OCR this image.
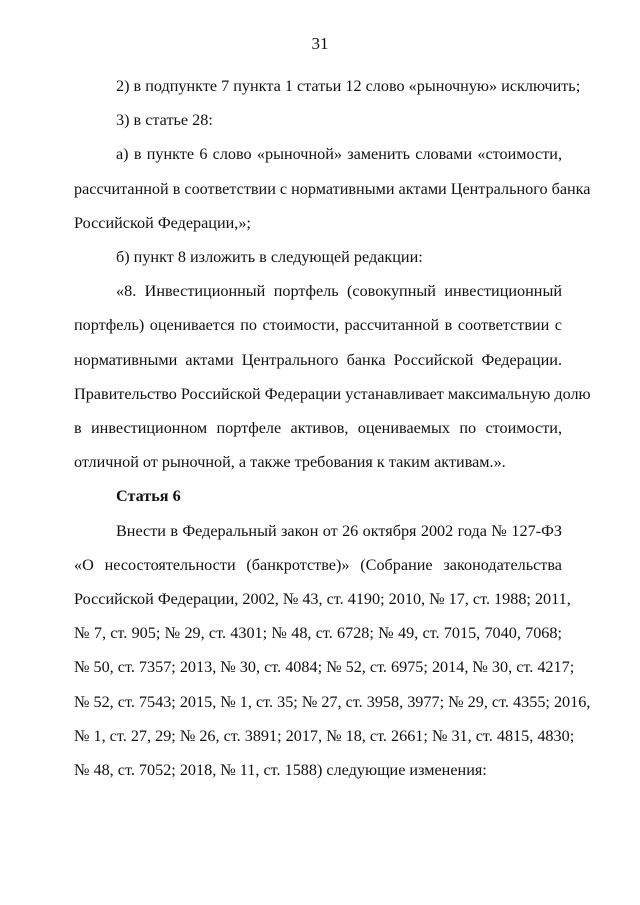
31
2) в подпункте 7 пункта 1 статьи 12 слово «рыночную» исключить;
3) в статье 28:
а) в пункте 6 слово «рыночной» заменить словами «стоимости,
рассчитанной в соответствии с нормативными актами Центрального банка
Российской Федерации,»;
б) пункт 8 изложить в следующей редакции:
«8. Инвестиционный портфель (совокупный инвестиционный
портфель) оценивается по стоимости, рассчитанной в соответствии с
нормативными актами Центрального банка Российской Федерации.
Правительство Российской Федерации устанавливает максимальную долю
в инвестиционном портфеле активов, оцениваемых по стоимости,
отличной от рыночной, а также требования к таким активам.».
Статья 6
Внести в Федеральный закон от 26 октября 2002 года № 127-ФЗ
«О несостоятельности (банкротстве)» (Собрание законодательства
Российской Федерации, 2002, № 43, ст. 4190; 2010, № 17, ст. 1988; 2011,
№ 7, ст. 905; № 29, ст. 4301; № 48, ст. 6728; № 49, ст. 7015, 7040, 7068;
№ 50, ст. 7357; 2013, № 30, ст. 4084; № 52, ст. 6975; 2014, № 30, ст. 4217;
№ 52, ст. 7543; 2015, № 1, ст. 35; № 27, ст. 3958, 3977; № 29, ст. 4355; 2016,
№ 1, ст. 27, 29; № 26, ст. 3891; 2017, № 18, ст. 2661; № 31, ст. 4815, 4830;
№ 48, ст. 7052; 2018, № 11, ст. 1588) следующие изменения:
